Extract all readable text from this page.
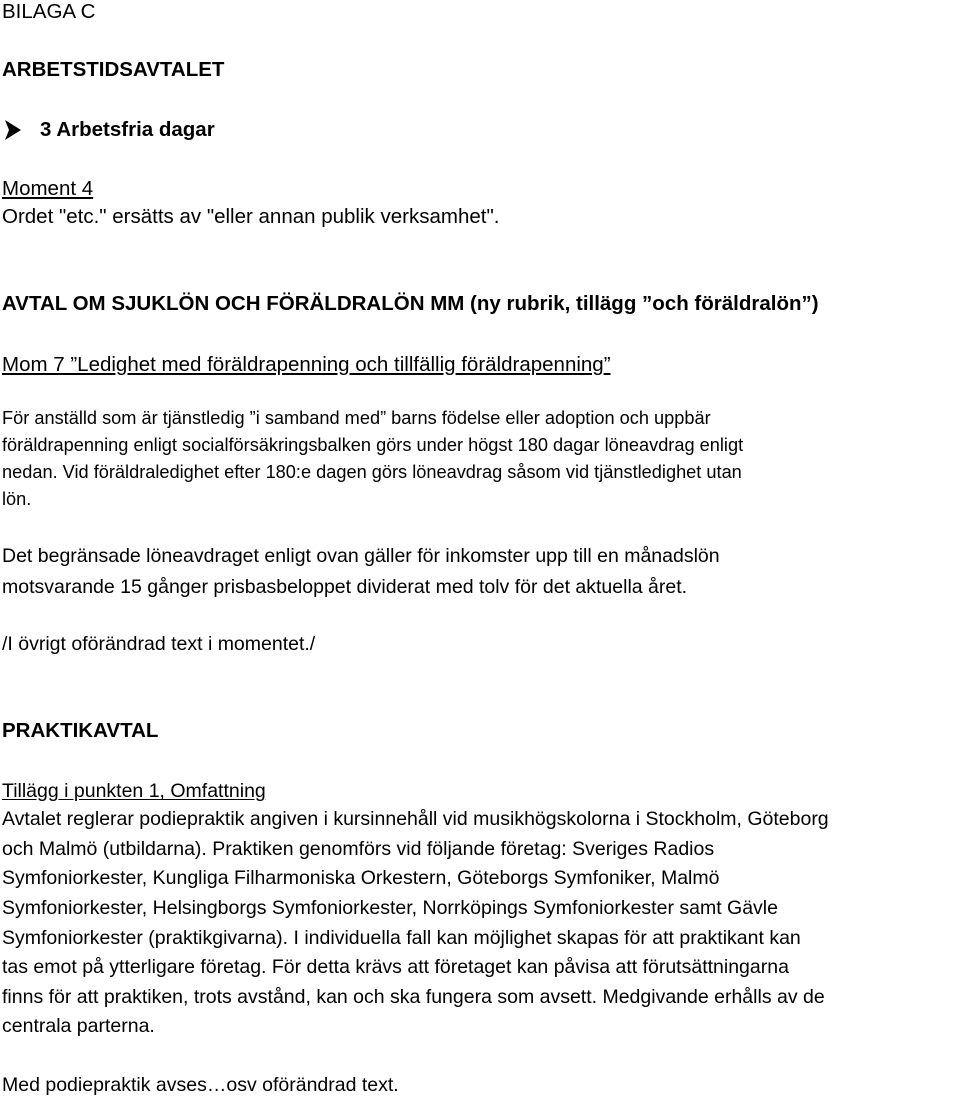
BILAGA C

ARBETSTIDSAVTALET

3 Arbetsfria dagar

Moment 4

Ordet "etc." ersätts av "eller annan publik verksamhet".

AVTAL OM SJUKLÖN OCH FÖRÄLDRALÖN MM (ny rubrik, tillägg ”och föräldralön”)

Mom 7 ”Ledighet med föräldrapenning och tillfällig föräldrapenning”

För anställd som är tjänstledig ”i samband med” barns födelse eller adoption och uppbär

föräldrapenning enligt socialförsäkringsbalken görs under högst 180 dagar löneavdrag enligt

nedan. Vid föräldraledighet efter 180:e dagen görs löneavdrag såsom vid tjänstledighet utan

lön.

Det begränsade löneavdraget enligt ovan gäller för inkomster upp till en månadslön

motsvarande 15 gånger prisbasbeloppet dividerat med tolv för det aktuella året.

/I övrigt oförändrad text i momentet./

PRAKTIKAVTAL

Tillägg i punkten 1, Omfattning

Avtalet reglerar podiepraktik angiven i kursinnehåll vid musikhögskolorna i Stockholm, Göteborg

och Malmö (utbildarna). Praktiken genomförs vid följande företag: Sveriges Radios

Symfoniorkester, Kungliga Filharmoniska Orkestern, Göteborgs Symfoniker, Malmö

Symfoniorkester, Helsingborgs Symfoniorkester, Norrköpings Symfoniorkester samt Gävle

Symfoniorkester (praktikgivarna). I individuella fall kan möjlighet skapas för att praktikant kan

tas emot på ytterligare företag. För detta krävs att företaget kan påvisa att förutsättningarna

finns för att praktiken, trots avstånd, kan och ska fungera som avsett. Medgivande erhålls av de

centrala parterna.

Med podiepraktik avses…osv oförändrad text.
